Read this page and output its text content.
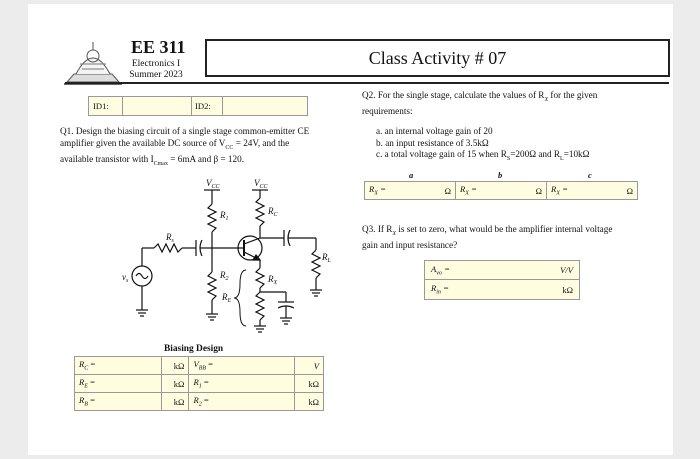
EE 311
Electronics I
Summer 2023
Class Activity # 07
ID1:	ID2:
Q1. Design the biasing circuit of a single stage common-emitter CE
amplifier given the available DC source of $V_{CC} = 24V$, and the
available transistor with $I_{Cmax} = 6mA$ and β = 120.
$V_{CC}$	$V_{CC}$
$R_1$
$R_2$
$R_C$
$R_s$
$v_s$
$R_L$
$R_X$
$R_E$
Biasing Design
$R_C$ =	kΩ	$V_{BB}$ =	V
$R_E$ =	kΩ	$R_1$ =	kΩ
$R_B$ =	kΩ	$R_2$ =	kΩ
Q2. For the single stage, calculate the values of $R_X$ for the given
requirements:
a. an internal voltage gain of 20
b. an input resistance of 3.5kΩ
c. a total voltage gain of 15 when $R_S=200\Omega$ and $R_L=10k\Omega$
a	b	c
$R_X$ =	Ω $R_X$ =	Ω $R_X$ =	Ω
Q3. If $R_X$ is set to zero, what would be the amplifier internal voltage
gain and input resistance?
$A_{vo}$ =	V/V
$R_{in}$ =	kΩ
